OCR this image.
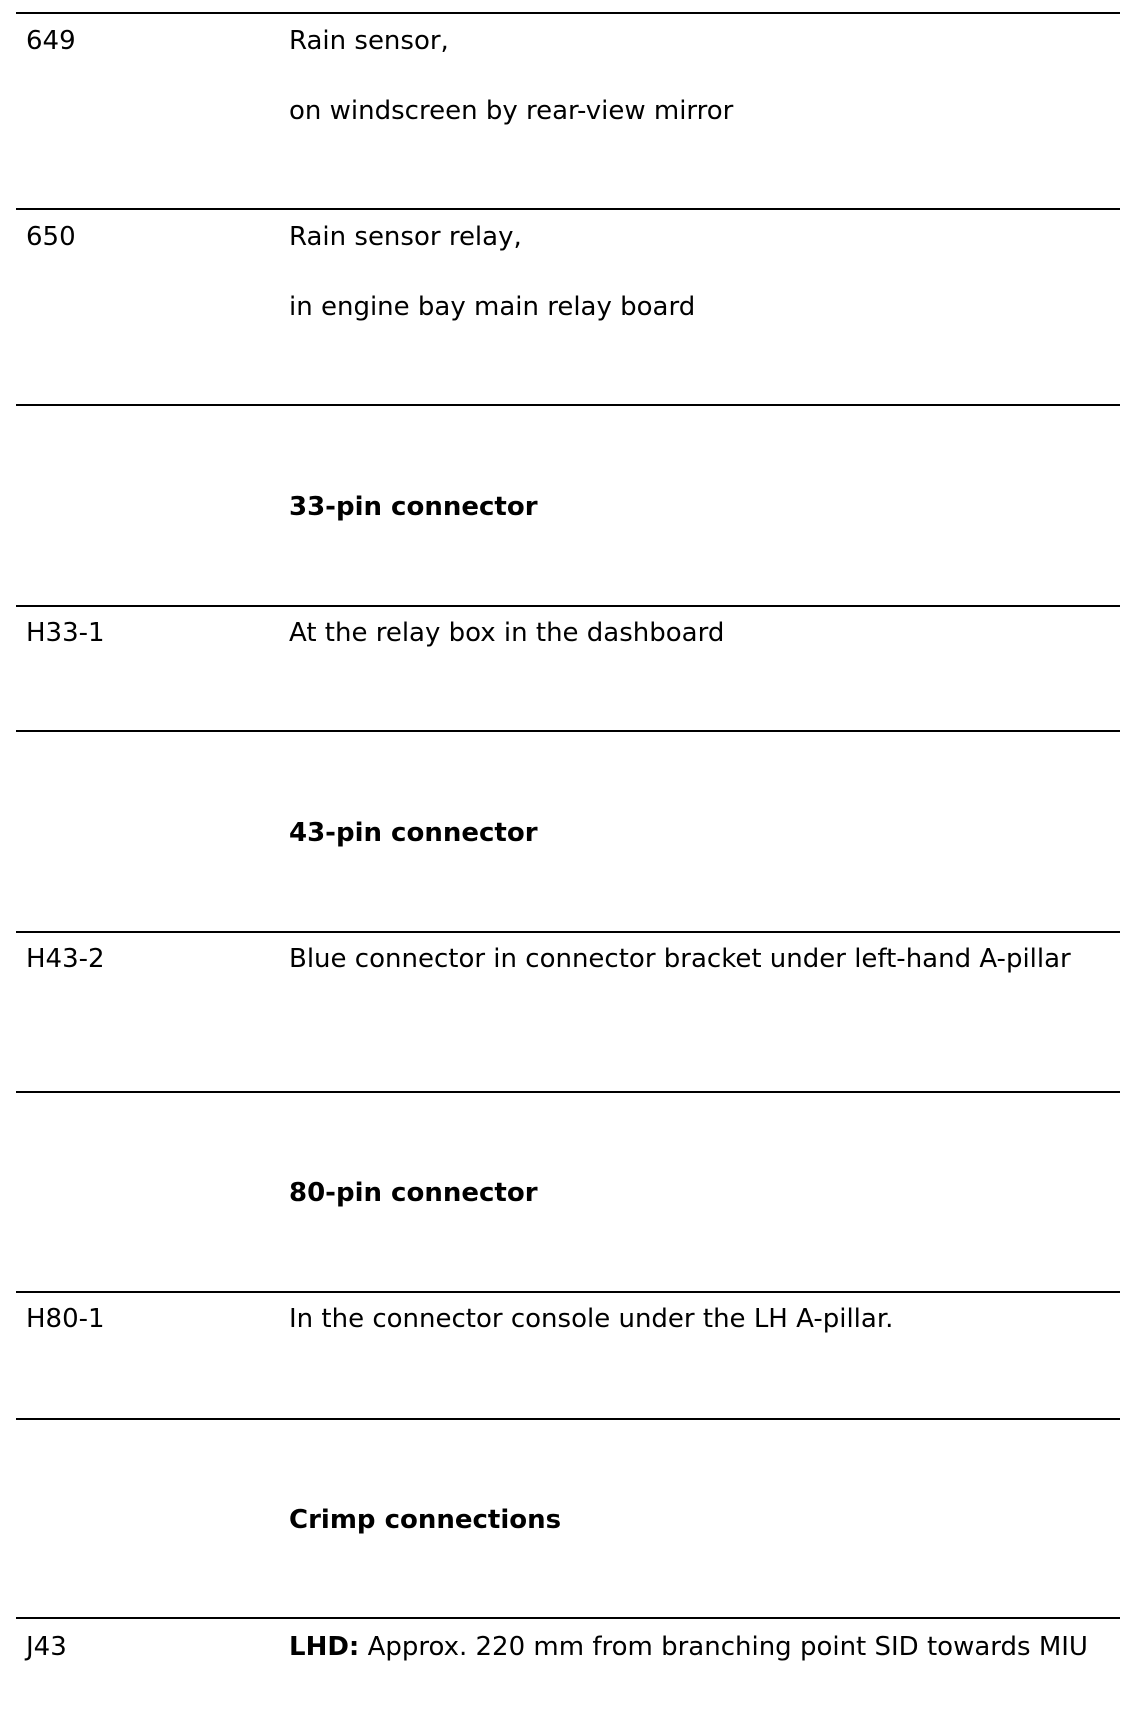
649	Rain sensor,
on windscreen by rear-view mirror
650	Rain sensor relay,
in engine bay main relay board
33-pin connector
H33-1	At the relay box in the dashboard
43-pin connector
H43-2	Blue connector in connector bracket under left-hand A-pillar
80-pin connector
H80-1	In the connector console under the LH A-pillar.
Crimp connections
J43	LHD: Approx. 220 mm from branching point SID towards MIU
